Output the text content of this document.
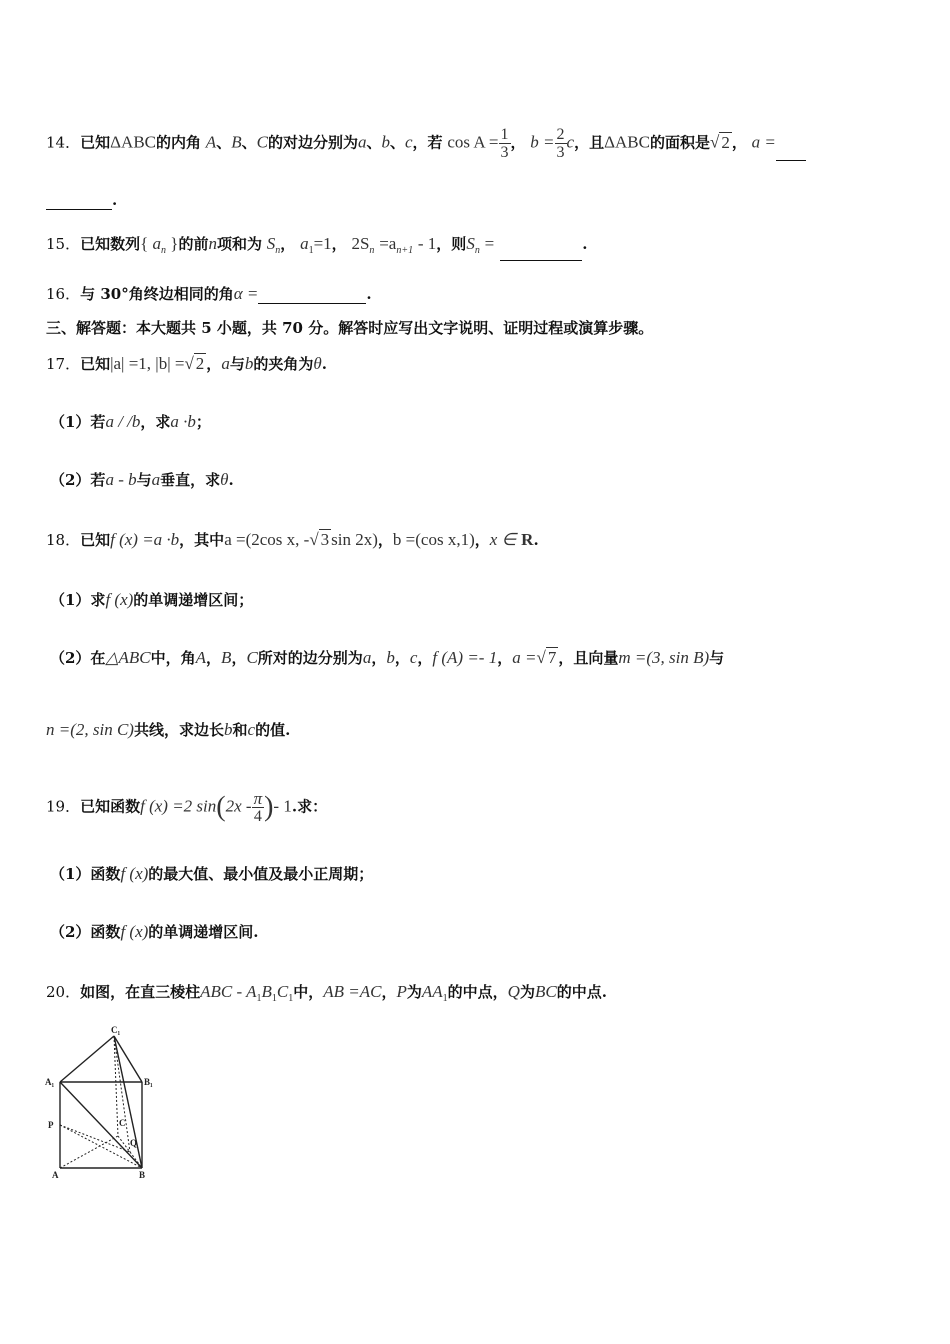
14．已知ΔABC的内角 A、B、C的对边分别为a、b、c，若 $\cos A = \frac{1}{3}$ ， $b = \frac{2}{3}$ c，且ΔABC的面积是√ 2 ， a =
.
15．已知数列{ $a_n$ }的前n项和为 $S_n$， $a_1=1$， $2S_n =a_{n+1} - 1$，则$S_n$ =	.
16．与 30°角终边相同的角α =	.
三、解答题：本大题共 5 小题，共 70 分。解答时应写出文字说明、证明过程或演算步骤。
17．已知|a| =1, |b| =√ 2 ，a与b的夹角为θ.
（1）若a / /b，求a ·b；
（2）若a - b与a垂直，求θ.
18．已知f (x) =a ·b，其中a =(2cos x, -√ 3 sin 2x)，b =(cos x,1)，x ∈ R.
（1）求f (x)的单调递增区间；
（2）在△ABC中，角A，B，C所对的边分别为a，b，c，f (A) =- 1，a =√ 7 ，且向量m =(3, sin B)与
n =(2, sin C)共线，求边长b和c的值.
19．已知函数f (x) =2 $\sin(2x - \frac{\pi}{4}$ )- 1.求：
（1）函数f (x)的最大值、最小值及最小正周期；
（2）函数f (x)的单调递增区间.
20．如图，在直三棱柱ABC - $A_1B_1C_1$中，AB =AC，P为$AA_1$的中点，Q为BC的中点.
C₁
A₁	B₁
P	C
Q
A	B
